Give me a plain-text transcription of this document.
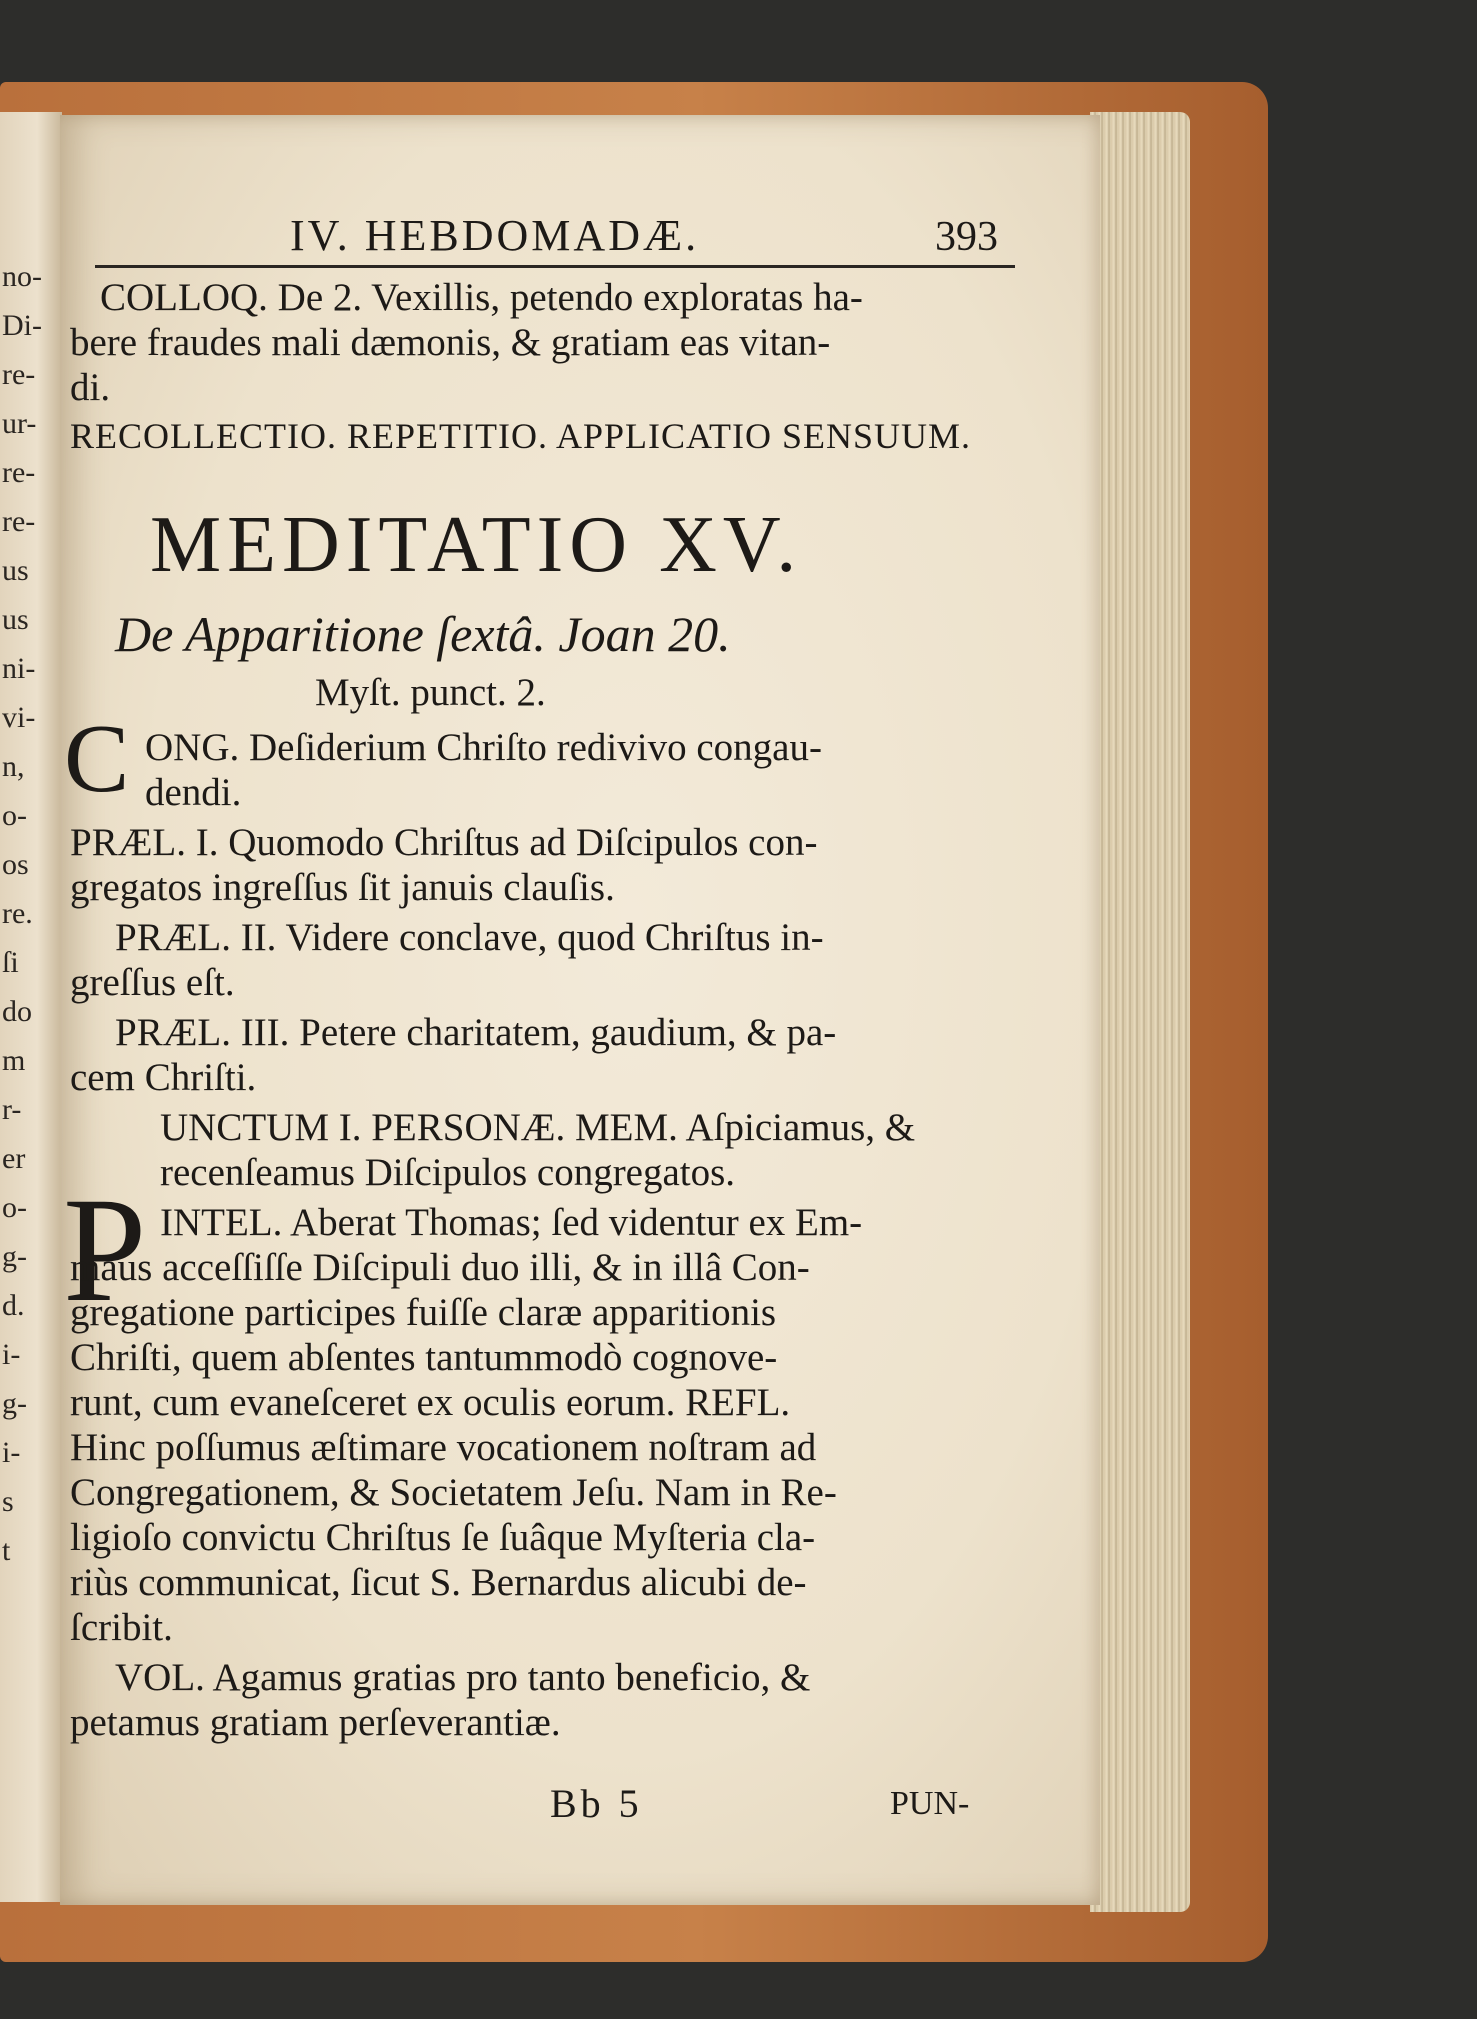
no-
Di-
re-
ur-
re-
re-
us
us
ni-
vi-
n,
o-
os
re.
ſi
do
m
r-
er
o-
g-
d.
i-
g-
i-
s
t
IV. HEBDOMADÆ.	393
COLLOQ. De 2. Vexillis, petendo exploratas ha-
bere fraudes mali dæmonis, & gratiam eas vitan-
di.
RECOLLECTIO. REPETITIO. APPLICATIO SENSUUM.
MEDITATIO XV.
De Apparitione ſextâ. Joan 20.
Myſt. punct. 2.
C ONG. Deſiderium Chriſto redivivo congau-
dendi.
PRÆL. I. Quomodo Chriſtus ad Diſcipulos con-
gregatos ingreſſus ſit januis clauſis.
PRÆL. II. Videre conclave, quod Chriſtus in-
greſſus eſt.
PRÆL. III. Petere charitatem, gaudium, & pa-
cem Chriſti.
P
UNCTUM I. PERSONÆ. MEM. Aſpiciamus, &
recenſeamus Diſcipulos congregatos.
INTEL. Aberat Thomas; ſed videntur ex Em-
maus acceſſiſſe Diſcipuli duo illi, & in illâ Con-
gregatione participes fuiſſe claræ apparitionis
Chriſti, quem abſentes tantummodò cognove-
runt, cum evaneſceret ex oculis eorum. REFL.
Hinc poſſumus æſtimare vocationem noſtram ad
Congregationem, & Societatem Jeſu. Nam in Re-
ligioſo convictu Chriſtus ſe ſuâque Myſteria cla-
riùs communicat, ſicut S. Bernardus alicubi de-
ſcribit.
VOL. Agamus gratias pro tanto beneficio, &
petamus gratiam perſeverantiæ.
Bb 5	PUN-
